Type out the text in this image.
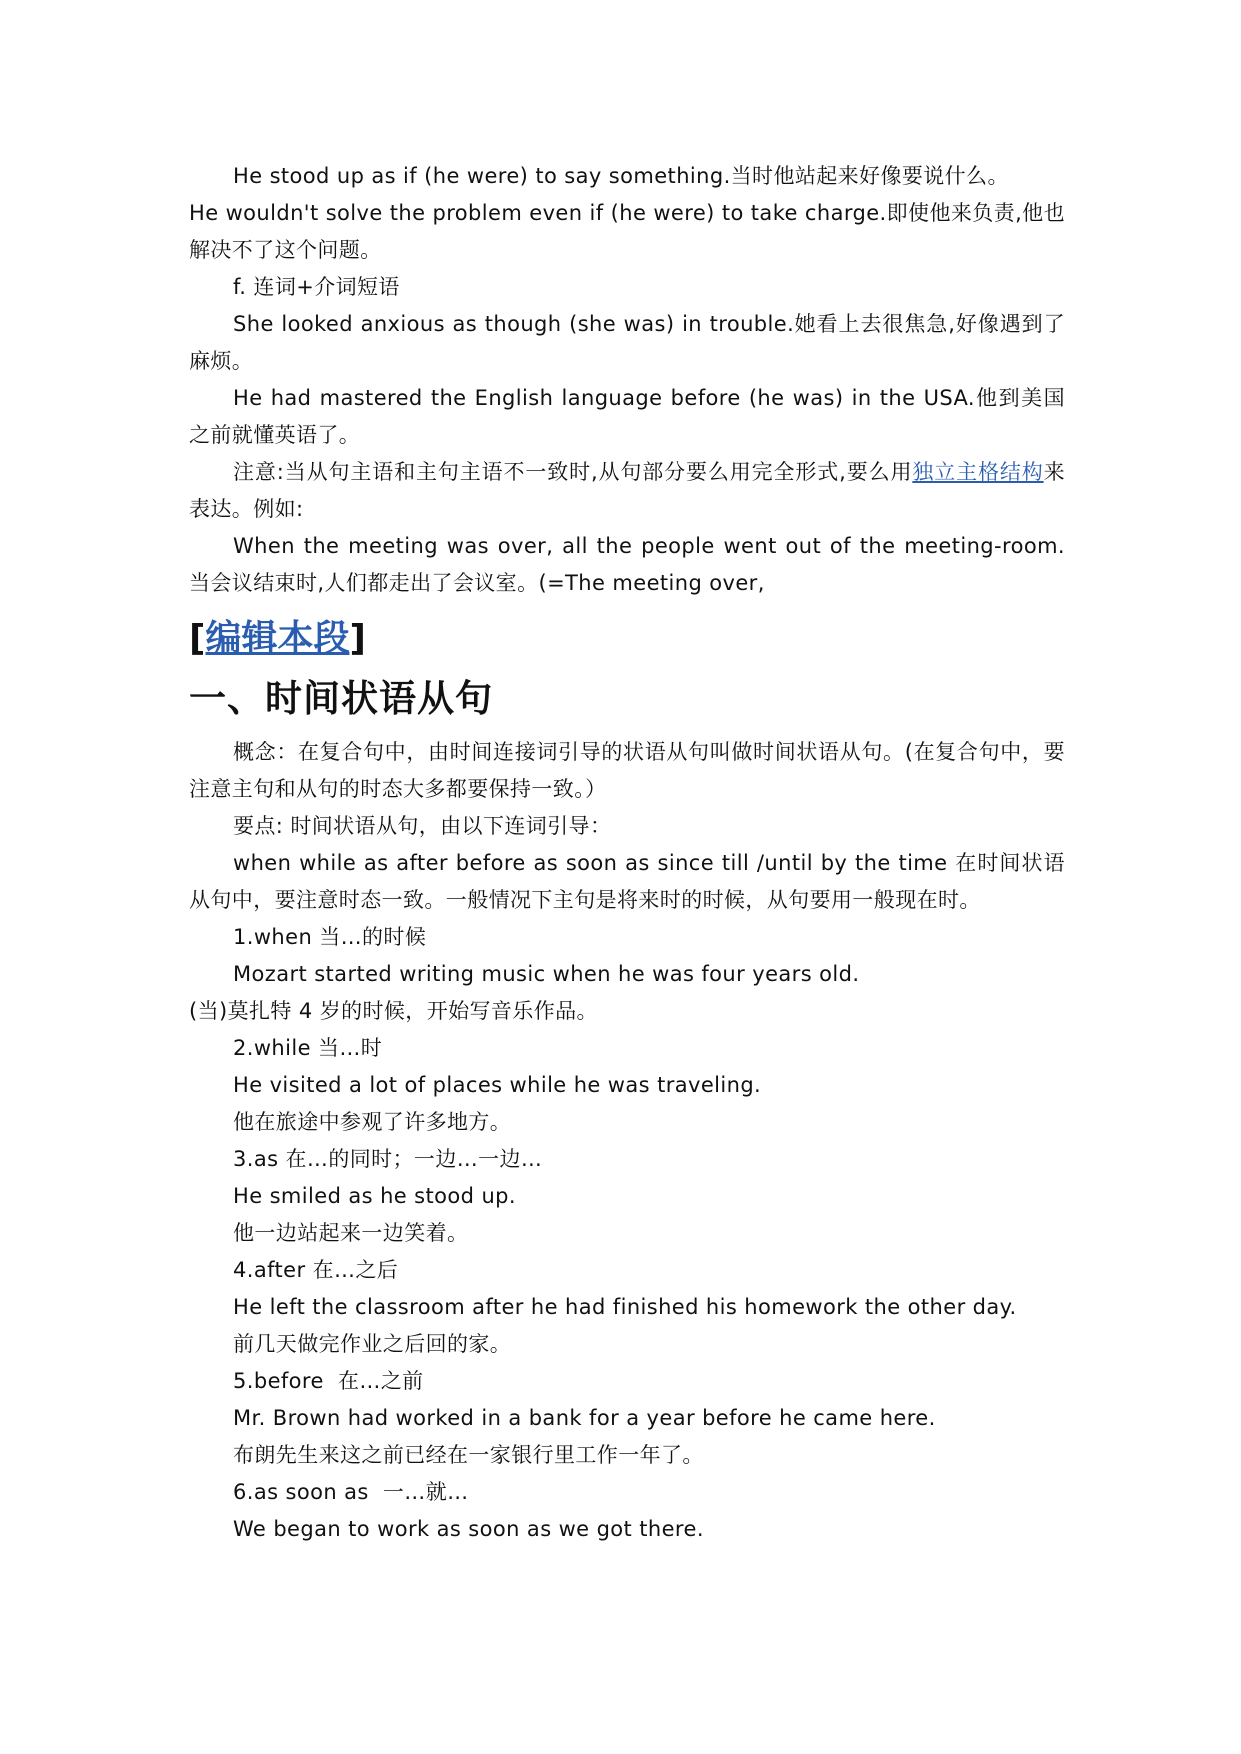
He stood up as if (he were) to say something.当时他站起来好像要说什么。

He wouldn't solve the problem even if (he were) to take charge.即使他来负责,他也解决不了这个问题。

f. 连词+介词短语

She looked anxious as though (she was) in trouble.她看上去很焦急,好像遇到了麻烦。

He had mastered the English language before (he was) in the USA.他到美国之前就懂英语了。

注意:当从句主语和主句主语不一致时,从句部分要么用完全形式,要么用独立主格结构来表达。例如:

When the meeting was over, all the people went out of the meeting-room.当会议结束时,人们都走出了会议室。(=The meeting over,

[编辑本段]
一、时间状语从句

概念：在复合句中，由时间连接词引导的状语从句叫做时间状语从句。(在复合句中，要注意主句和从句的时态大多都要保持一致。）

要点: 时间状语从句，由以下连词引导：

when while as after before as soon as since till /until by the time 在时间状语从句中，要注意时态一致。一般情况下主句是将来时的时候，从句要用一般现在时。

1.when 当…的时候

Mozart started writing music when he was four years old.

(当)莫扎特 4 岁的时候，开始写音乐作品。

2.while 当…时

He visited a lot of places while he was traveling.

他在旅途中参观了许多地方。

3.as 在…的同时；一边…一边…

He smiled as he stood up.

他一边站起来一边笑着。

4.after 在…之后

He left the classroom after he had finished his homework the other day.

前几天做完作业之后回的家。

5.before  在…之前

Mr. Brown had worked in a bank for a year before he came here.

布朗先生来这之前已经在一家银行里工作一年了。

6.as soon as  一…就…

We began to work as soon as we got there.
